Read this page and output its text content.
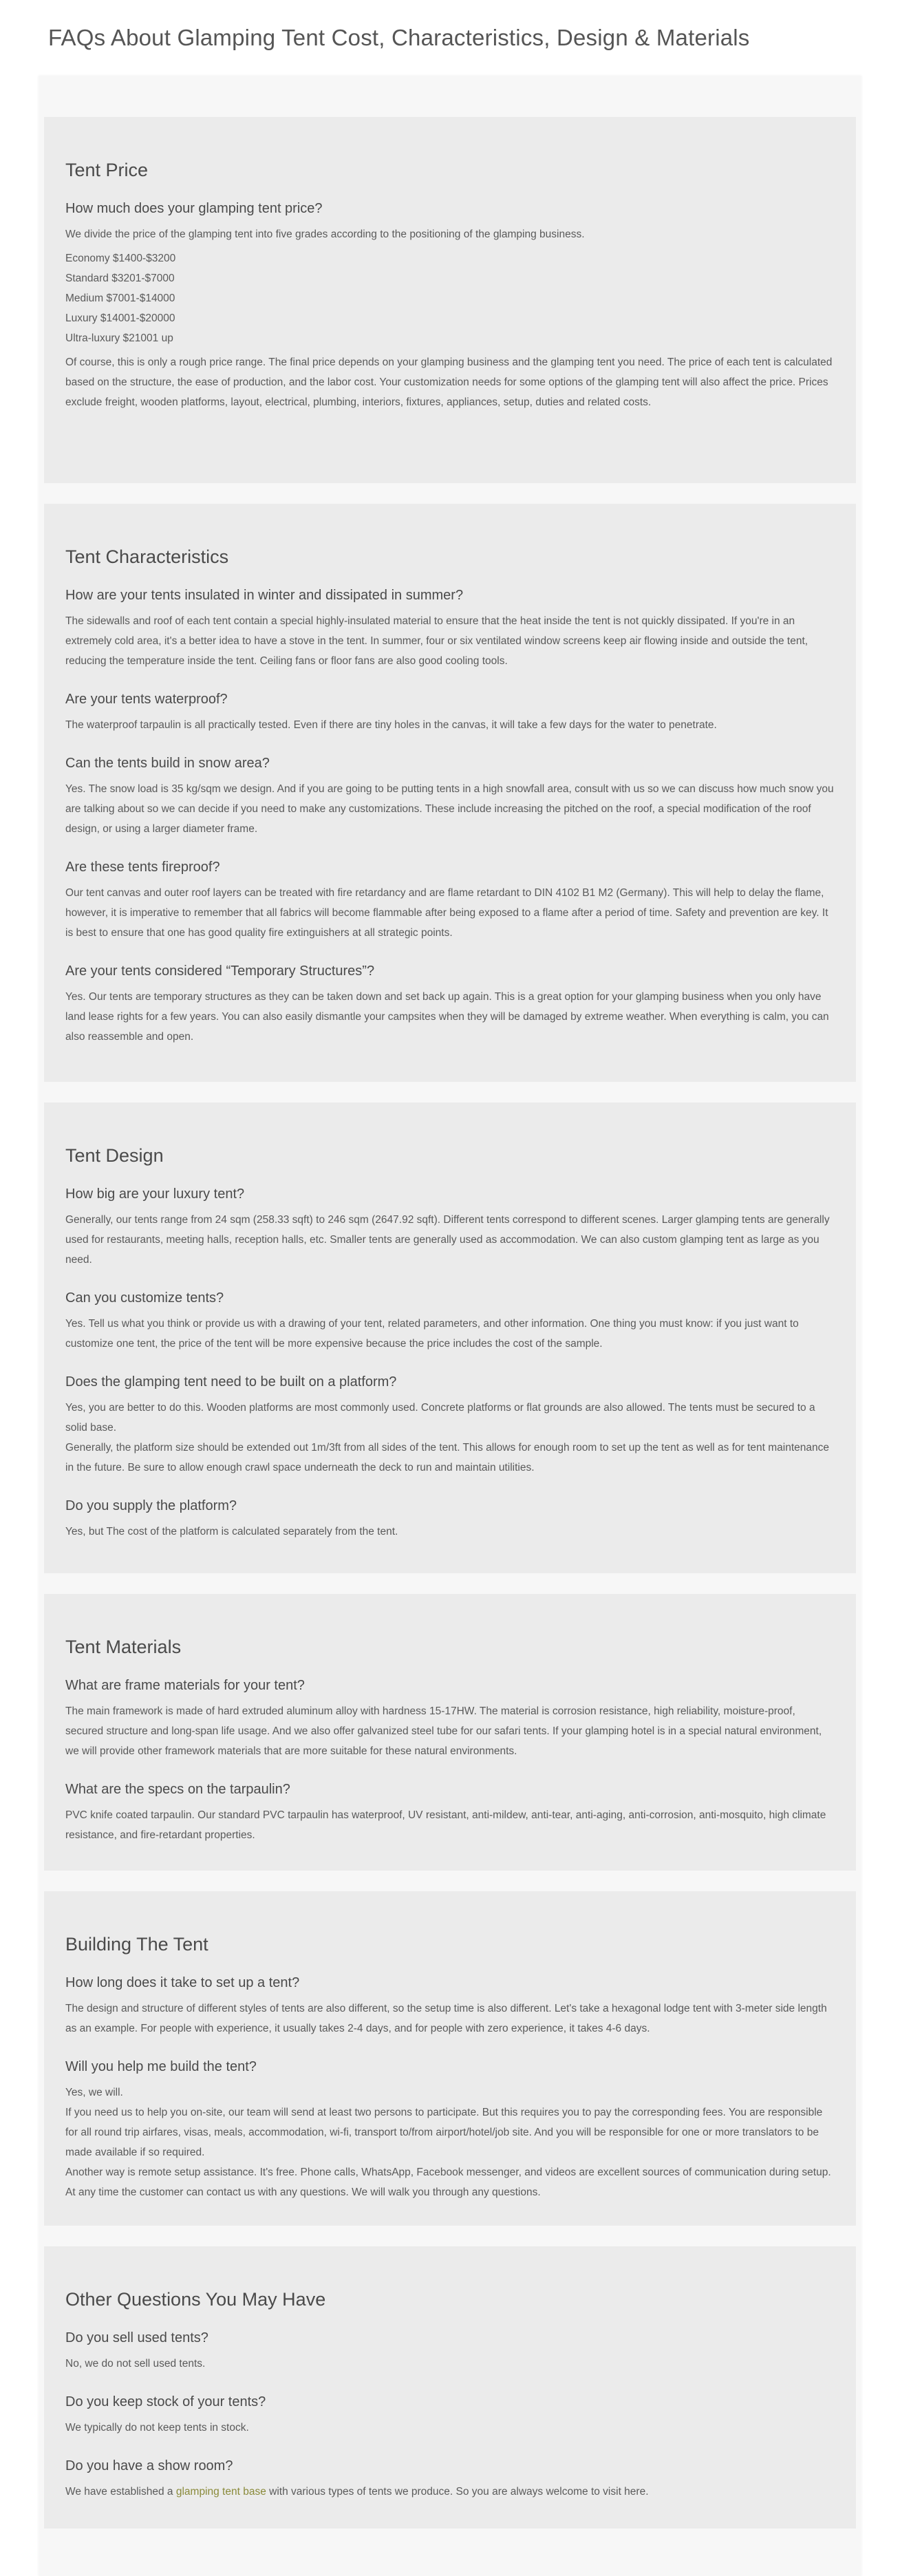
FAQs About Glamping Tent Cost, Characteristics, Design & Materials
Tent Price
How much does your glamping tent price?

We divide the price of the glamping tent into five grades according to the positioning of the glamping business.

Economy $1400-$3200
Standard $3201-$7000
Medium $7001-$14000
Luxury $14001-$20000
Ultra-luxury $21001 up

Of course, this is only a rough price range. The final price depends on your glamping business and the glamping tent you need. The price of each tent is calculated based on the structure, the ease of production, and the labor cost. Your customization needs for some options of the glamping tent will also affect the price. Prices exclude freight, wooden platforms, layout, electrical, plumbing, interiors, fixtures, appliances, setup, duties and related costs.

Tent Characteristics
How are your tents insulated in winter and dissipated in summer?

The sidewalls and roof of each tent contain a special highly-insulated material to ensure that the heat inside the tent is not quickly dissipated. If you're in an extremely cold area, it's a better idea to have a stove in the tent. In summer, four or six ventilated window screens keep air flowing inside and outside the tent, reducing the temperature inside the tent. Ceiling fans or floor fans are also good cooling tools.

Are your tents waterproof?

The waterproof tarpaulin is all practically tested. Even if there are tiny holes in the canvas, it will take a few days for the water to penetrate.

Can the tents build in snow area?

Yes. The snow load is 35 kg/sqm we design. And if you are going to be putting tents in a high snowfall area, consult with us so we can discuss how much snow you are talking about so we can decide if you need to make any customizations. These include increasing the pitched on the roof, a special modification of the roof design, or using a larger diameter frame.

Are these tents fireproof?

Our tent canvas and outer roof layers can be treated with fire retardancy and are flame retardant to DIN 4102 B1 M2 (Germany). This will help to delay the flame, however, it is imperative to remember that all fabrics will become flammable after being exposed to a flame after a period of time. Safety and prevention are key. It is best to ensure that one has good quality fire extinguishers at all strategic points.

Are your tents considered “Temporary Structures”?

Yes. Our tents are temporary structures as they can be taken down and set back up again. This is a great option for your glamping business when you only have land lease rights for a few years. You can also easily dismantle your campsites when they will be damaged by extreme weather. When everything is calm, you can also reassemble and open.

Tent Design
How big are your luxury tent?

Generally, our tents range from 24 sqm (258.33 sqft) to 246 sqm (2647.92 sqft). Different tents correspond to different scenes. Larger glamping tents are generally used for restaurants, meeting halls, reception halls, etc. Smaller tents are generally used as accommodation. We can also custom glamping tent as large as you need.

Can you customize tents?

Yes. Tell us what you think or provide us with a drawing of your tent, related parameters, and other information. One thing you must know: if you just want to customize one tent, the price of the tent will be more expensive because the price includes the cost of the sample.

Does the glamping tent need to be built on a platform?

Yes, you are better to do this. Wooden platforms are most commonly used. Concrete platforms or flat grounds are also allowed. The tents must be secured to a solid base.

Generally, the platform size should be extended out 1m/3ft from all sides of the tent. This allows for enough room to set up the tent as well as for tent maintenance in the future. Be sure to allow enough crawl space underneath the deck to run and maintain utilities.

Do you supply the platform?

Yes, but The cost of the platform is calculated separately from the tent.

Tent Materials
What are frame materials for your tent?

The main framework is made of hard extruded aluminum alloy with hardness 15-17HW. The material is corrosion resistance, high reliability, moisture-proof, secured structure and long-span life usage. And we also offer galvanized steel tube for our safari tents. If your glamping hotel is in a special natural environment, we will provide other framework materials that are more suitable for these natural environments.

What are the specs on the tarpaulin?

PVC knife coated tarpaulin. Our standard PVC tarpaulin has waterproof, UV resistant, anti-mildew, anti-tear, anti-aging, anti-corrosion, anti-mosquito, high climate resistance, and fire-retardant properties.

Building The Tent
How long does it take to set up a tent?

The design and structure of different styles of tents are also different, so the setup time is also different. Let's take a hexagonal lodge tent with 3-meter side length as an example. For people with experience, it usually takes 2-4 days, and for people with zero experience, it takes 4-6 days.

Will you help me build the tent?

Yes, we will.

If you need us to help you on-site, our team will send at least two persons to participate. But this requires you to pay the corresponding fees. You are responsible for all round trip airfares, visas, meals, accommodation, wi-fi, transport to/from airport/hotel/job site. And you will be responsible for one or more translators to be made available if so required.

Another way is remote setup assistance. It's free. Phone calls, WhatsApp, Facebook messenger, and videos are excellent sources of communication during setup. At any time the customer can contact us with any questions. We will walk you through any questions.

Other Questions You May Have
Do you sell used tents?

No, we do not sell used tents.

Do you keep stock of your tents?

We typically do not keep tents in stock.

Do you have a show room?

We have established a glamping tent base with various types of tents we produce. So you are always welcome to visit here.
